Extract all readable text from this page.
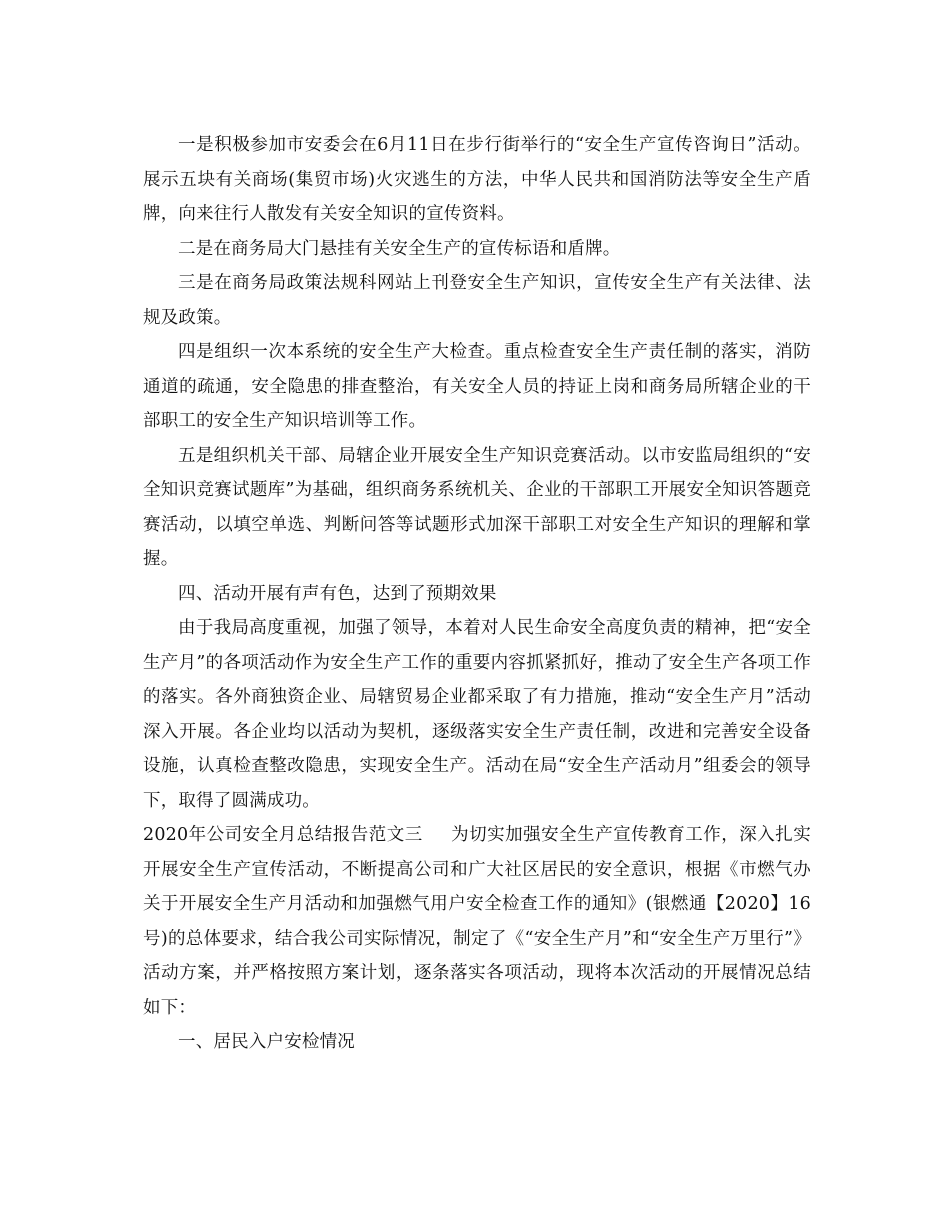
一是积极参加市安委会在6月11日在步行街举行的“安全生产宣传咨询日”活动。展示五块有关商场(集贸市场)火灾逃生的方法，中华人民共和国消防法等安全生产盾牌，向来往行人散发有关安全知识的宣传资料。

二是在商务局大门悬挂有关安全生产的宣传标语和盾牌。

三是在商务局政策法规科网站上刊登安全生产知识，宣传安全生产有关法律、法规及政策。

四是组织一次本系统的安全生产大检查。重点检查安全生产责任制的落实，消防通道的疏通，安全隐患的排查整治，有关安全人员的持证上岗和商务局所辖企业的干部职工的安全生产知识培训等工作。

五是组织机关干部、局辖企业开展安全生产知识竞赛活动。以市安监局组织的“安全知识竞赛试题库”为基础，组织商务系统机关、企业的干部职工开展安全知识答题竞赛活动，以填空单选、判断问答等试题形式加深干部职工对安全生产知识的理解和掌握。

四、活动开展有声有色，达到了预期效果

由于我局高度重视，加强了领导，本着对人民生命安全高度负责的精神，把“安全生产月”的各项活动作为安全生产工作的重要内容抓紧抓好，推动了安全生产各项工作的落实。各外商独资企业、局辖贸易企业都采取了有力措施，推动“安全生产月”活动深入开展。各企业均以活动为契机，逐级落实安全生产责任制，改进和完善安全设备设施，认真检查整改隐患，实现安全生产。活动在局“安全生产活动月”组委会的领导下，取得了圆满成功。

2020年公司安全月总结报告范文三 为切实加强安全生产宣传教育工作，深入扎实开展安全生产宣传活动，不断提高公司和广大社区居民的安全意识，根据《市燃气办关于开展安全生产月活动和加强燃气用户安全检查工作的通知》(银燃通【2020】16号)的总体要求，结合我公司实际情况，制定了《“安全生产月”和“安全生产万里行”》活动方案，并严格按照方案计划，逐条落实各项活动，现将本次活动的开展情况总结如下：

一、居民入户安检情况
